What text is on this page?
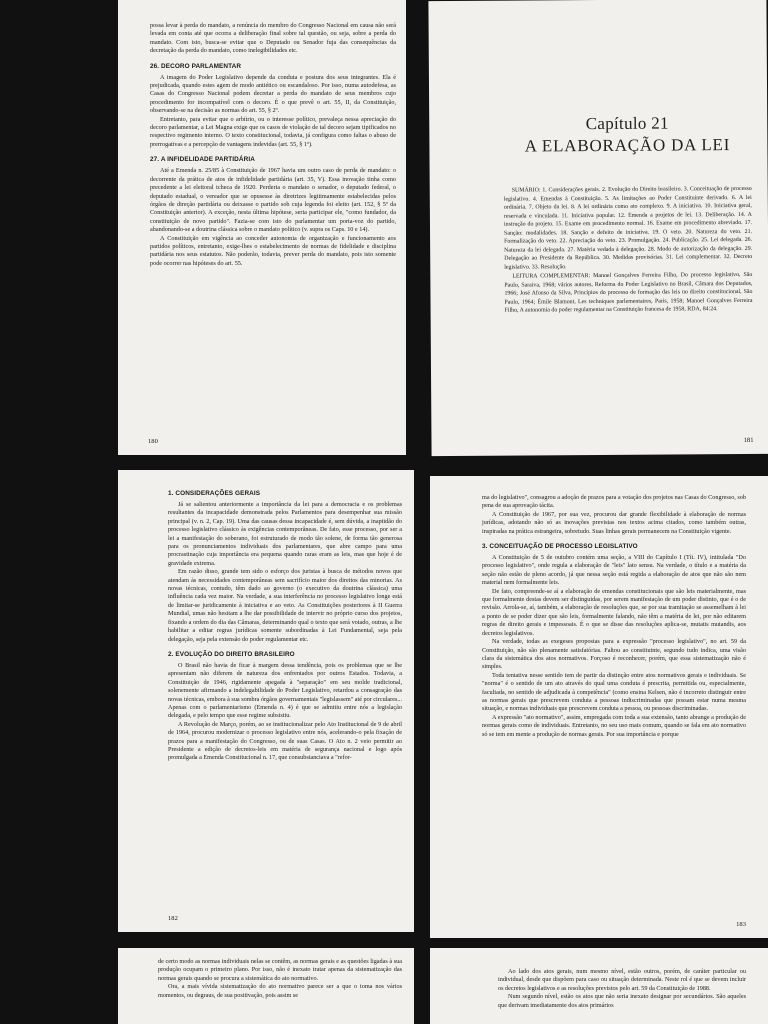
possa levar à perda do mandato, a renúncia do membro do Congresso Nacional em causa não será levada em conta até que ocorra a deliberação final sobre tal questão, ou seja, sobre a perda do mandato. Com isto, busca-se evitar que o Deputado ou Senador fuja das consequências da decretação da perda do mandato, como inelegibilidades etc.

26. DECORO PARLAMENTAR

A imagem do Poder Legislativo depende da conduta e postura dos seus integrantes. Ela é prejudicada, quando estes agem de modo antiético ou escandaloso. Por isso, numa autodefesa, as Casas do Congresso Nacional podem decretar a perda do mandato de seus membros cujo procedimento for incompatível com o decoro. É o que prevê o art. 55, II, da Constituição, observando-se na decisão as normas do art. 55, § 2º.

Entretanto, para evitar que o arbítrio, ou o interesse político, prevaleça nessa apreciação do decoro parlamentar, a Lei Magna exige que os casos de violação de tal decoro sejam tipificados no respectivo regimento interno. O texto constitucional, todavia, já configura como faltas o abuso de prerrogativas e a percepção de vantagens indevidas (art. 55, § 1º).

27. A INFIDELIDADE PARTIDÁRIA

Até a Emenda n. 25/85 à Constituição de 1967 havia um outro caso de perda de mandato: o decorrente da prática de atos de infidelidade partidária (art. 35, V). Essa inovação tinha como precedente a lei eleitoral tcheca de 1920. Perderia o mandato o senador, o deputado federal, o deputado estadual, o vereador que se opusesse às diretrizes legitimamente estabelecidas pelos órgãos de direção partidária ou deixasse o partido sob cuja legenda foi eleito (art. 152, § 5º da Constituição anterior). A exceção, nesta última hipótese, seria participar ele, "como fundador, da constituição de novo partido". Fazia-se com isto do parlamentar um porta-voz do partido, abandonando-se a doutrina clássica sobre o mandato político (v. supra os Caps. 10 e 14).

A Constituição em vigência ao conceder autonomia de organização e funcionamento aos partidos políticos, entretanto, exige-lhes o estabelecimento de normas de fidelidade e disciplina partidária nos seus estatutos. Não poderão, todavia, prever perda do mandato, pois isto somente pode ocorrer nas hipóteses do art. 55.

180
Capítulo 21
A ELABORAÇÃO DA LEI

SUMÁRIO: 1. Considerações gerais. 2. Evolução do Direito brasileiro. 3. Conceituação de processo legislativo. 4. Emendas à Constituição. 5. As limitações ao Poder Constituinte derivado. 6. A lei ordinária. 7. Objeto da lei. 8. A lei ordinária como ato complexo. 9. A iniciativa. 10. Iniciativa geral, reservada e vinculada. 11. Iniciativa popular. 12. Emenda a projetos de lei. 13. Deliberação. 14. A instrução do projeto. 15. Exame em procedimento normal. 16. Exame em procedimento abreviado. 17. Sanção: modalidades. 18. Sanção e defeito de iniciativa. 19. O veto. 20. Natureza do veto. 21. Formalização do veto. 22. Apreciação do veto. 23. Promulgação. 24. Publicação. 25. Lei delegada. 26. Natureza da lei delegada. 27. Matéria vedada à delegação. 28. Modo de autorização da delegação. 29. Delegação ao Presidente da República. 30. Medidas provisórias. 31. Lei complementar. 32. Decreto legislativo. 33. Resolução.

LEITURA COMPLEMENTAR: Manoel Gonçalves Ferreira Filho, Do processo legislativo, São Paulo, Saraiva, 1968; vários autores, Reforma do Poder Legislativo no Brasil, Câmara dos Deputados, 1966; José Afonso da Silva, Princípios do processo de formação das leis no direito constitucional, São Paulo, 1964; Émile Blamont, Les techniques parlementaires, Paris, 1958; Manoel Gonçalves Ferreira Filho, A autonomia do poder regulamentar na Constituição francesa de 1958, RDA, 84:24.

181
1. CONSIDERAÇÕES GERAIS

Já se salientou anteriormente a importância da lei para a democracia e os problemas resultantes da incapacidade demonstrada pelos Parlamentos para desempenhar sua missão principal (v. n. 2, Cap. 19). Uma das causas dessa incapacidade é, sem dúvida, a inaptidão do processo legislativo clássico às exigências contemporâneas. De fato, esse processo, por ser a lei a manifestação do soberano, foi estruturado de modo tão solene, de forma tão generosa para os pronunciamentos individuais dos parlamentares, que abre campo para uma procrastinação cuja importância era pequena quando raras eram as leis, mas que hoje é de gravidade extrema.

Em razão disso, grande tem sido o esforço dos juristas à busca de métodos novos que atendam às necessidades contemporâneas sem sacrifício maior dos direitos das minorias. As novas técnicas, contudo, têm dado ao governo (o executivo da doutrina clássica) uma influência cada vez maior. Na verdade, a sua interferência no processo legislativo longe está de limitar-se juridicamente à iniciativa e ao veto. As Constituições posteriores à II Guerra Mundial, umas não hesitam a lhe dar possibilidade de intervir no próprio curso dos projetos, fixando a ordem do dia das Câmaras, determinando qual o texto que será votado, outras, a lhe habilitar a editar regras jurídicas somente subordinadas à Lei Fundamental, seja pela delegação, seja pela extensão do poder regulamentar etc.

2. EVOLUÇÃO DO DIREITO BRASILEIRO

O Brasil não havia de ficar à margem dessa tendência, pois os problemas que se lhe apresentam não diferem de natureza dos enfrentados por outros Estados. Todavia, a Constituição de 1946, rigidamente apegada à "separação" em seu molde tradicional, solenemente afirmando a indelegabilidade do Poder Legislativo, retardou a consagração das novas técnicas, embora à sua sombra órgãos governamentais "legislassem" até por circulares... Apenas com o parlamentarismo (Emenda n. 4) é que se admitiu entre nós a legislação delegada, e pelo tempo que esse regime subsistiu.

A Revolução de Março, porém, ao se institucionalizar pelo Ato Institucional de 9 de abril de 1964, procurou modernizar o processo legislativo entre nós, acelerando-o pela fixação de prazos para a manifestação do Congresso, ou de suas Casas. O Ato n. 2 veio permitir ao Presidente a edição de decretos-leis em matéria de segurança nacional e logo após promulgada a Emenda Constitucional n. 17, que consubstanciava a "refor-

182

ma do legislativo", consagrou a adoção de prazos para a votação dos projetos nas Casas do Congresso, sob pena de sua aprovação tácita.

A Constituição de 1967, por sua vez, procurou dar grande flexibilidade à elaboração de normas jurídicas, adotando não só as inovações previstas nos textos acima citados, como também outras, inspiradas na prática estrangeira, sobretudo. Suas linhas gerais permanecem na Constituição vigente.

3. CONCEITUAÇÃO DE PROCESSO LEGISLATIVO

A Constituição de 5 de outubro contém uma seção, a VIII do Capítulo I (Tít. IV), intitulada "Do processo legislativo", onde regula a elaboração de "leis" lato sensu. Na verdade, o título e a matéria da seção não estão de pleno acordo, já que nessa seção está regida a elaboração de atos que não são nem material nem formalmente leis.

De fato, compreende-se aí a elaboração de emendas constitucionais que são leis materialmente, mas que formalmente destas devem ser distinguidas, por serem manifestação de um poder distinto, que é o de revisão. Arrola-se, aí, também, a elaboração de resoluções que, se por sua tramitação se assemelham à lei a ponto de se poder dizer que são leis, formalmente falando, não têm a matéria de lei, por não editarem regras de direito gerais e impessoais. É o que se disse das resoluções aplica-se, mutatis mutandis, aos decretos legislativos.

Na verdade, todas as exegeses propostas para a expressão "processo legislativo", no art. 59 da Constituição, não são plenamente satisfatórias. Faltou ao constituinte, segundo tudo indica, uma visão clara da sistemática dos atos normativos. Forçoso é reconhecer, porém, que essa sistematização não é simples.

Toda tentativa nesse sentido tem de partir da distinção entre atos normativos gerais e individuais. Se "norma" é o sentido de um ato através do qual uma conduta é prescrita, permitida ou, especialmente, facultada, no sentido de adjudicada à competência" (como ensina Kelsen, não é incorreto distinguir entre as normas gerais que prescrevem conduta a pessoas indiscriminadas que possam estar numa mesma situação, e normas individuais que prescrevem conduta a pessoa, ou pessoas discriminadas.

A expressão "ato normativo", assim, empregada com toda a sua extensão, tanto abrange a produção de normas gerais como de individuais. Entretanto, no seu uso mais comum, quando se fala em ato normativo só se tem em mente a produção de normas gerais. Por sua importância e porque

183

de certo modo as normas individuais nelas se contêm, as normas gerais e as questões ligadas à sua produção ocupam o primeiro plano. Por isso, não é inexato tratar apenas da sistematização das normas gerais quando se procura a sistemática do ato normativo.

Ora, a mais vívida sistematização do ato normativo parece ser a que o toma nos vários momentos, ou degraus, de sua positivação, pois assim se

Ao lado dos atos gerais, num mesmo nível, estão outros, porém, de caráter particular ou individual, desde que dispõem para caso ou situação determinada. Neste rol é que se devem incluir os decretos legislativos e as resoluções previstos pelo art. 59 da Constituição de 1988.

Num segundo nível, estão os atos que não seria inexato designar por secundários. São aqueles que derivam imediatamente dos atos primários
